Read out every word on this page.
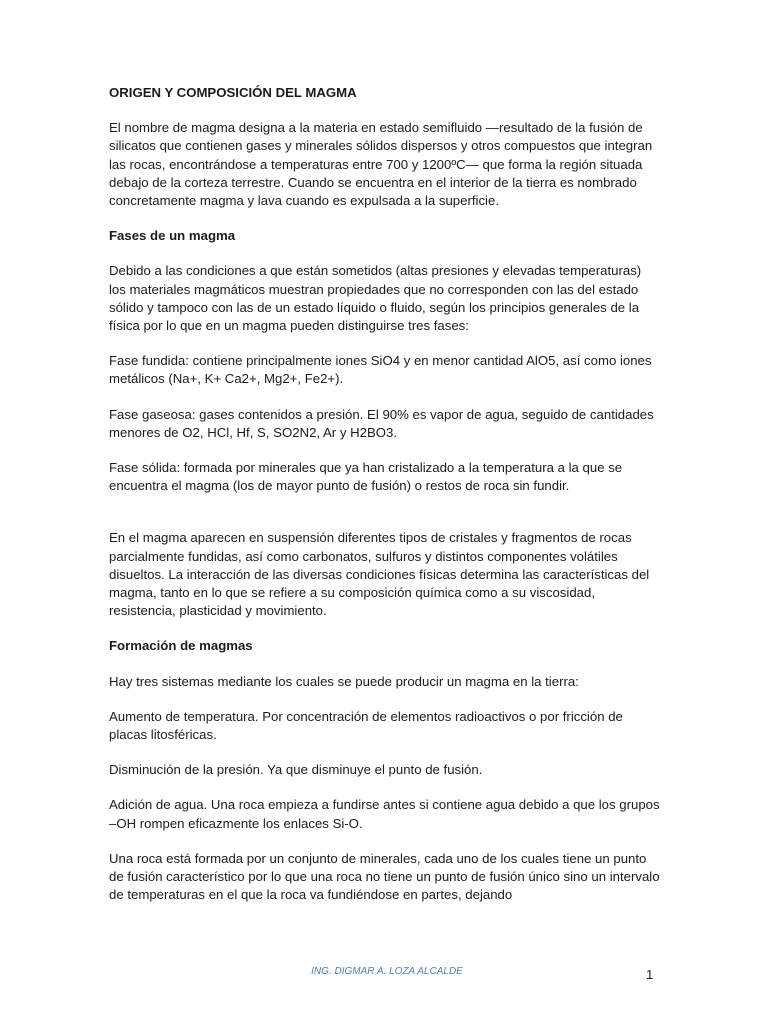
ORIGEN Y COMPOSICIÓN DEL MAGMA

El nombre de magma designa a la materia en estado semifluido —resultado de la fusión de silicatos que contienen gases y minerales sólidos dispersos y otros compuestos que integran las rocas, encontrándose a temperaturas entre 700 y 1200ºC— que forma la región situada debajo de la corteza terrestre. Cuando se encuentra en el interior de la tierra es nombrado concretamente magma y lava cuando es expulsada a la superficie.

Fases de un magma

Debido a las condiciones a que están sometidos (altas presiones y elevadas temperaturas) los materiales magmáticos muestran propiedades que no corresponden con las del estado sólido y tampoco con las de un estado líquido o fluido, según los principios generales de la física por lo que en un magma pueden distinguirse tres fases:

Fase fundida: contiene principalmente iones SiO4 y en menor cantidad AlO5, así como iones metálicos (Na+, K+ Ca2+, Mg2+, Fe2+).

Fase gaseosa: gases contenidos a presión. El 90% es vapor de agua, seguido de cantidades menores de O2, HCl, Hf, S, SO2N2, Ar y H2BO3.

Fase sólida: formada por minerales que ya han cristalizado a la temperatura a la que se encuentra el magma (los de mayor punto de fusión) o restos de roca sin fundir.

En el magma aparecen en suspensión diferentes tipos de cristales y fragmentos de rocas parcialmente fundidas, así como carbonatos, sulfuros y distintos componentes volátiles disueltos. La interacción de las diversas condiciones físicas determina las características del magma, tanto en lo que se refiere a su composición química como a su viscosidad, resistencia, plasticidad y movimiento.

Formación de magmas

Hay tres sistemas mediante los cuales se puede producir un magma en la tierra:

Aumento de temperatura. Por concentración de elementos radioactivos o por fricción de placas litosféricas.

Disminución de la presión. Ya que disminuye el punto de fusión.

Adición de agua. Una roca empieza a fundirse antes si contiene agua debido a que los grupos –OH rompen eficazmente los enlaces Si-O.

Una roca está formada por un conjunto de minerales, cada uno de los cuales tiene un punto de fusión característico por lo que una roca no tiene un punto de fusión único sino un intervalo de temperaturas en el que la roca va fundiéndose en partes, dejando

ING. DIGMAR A. LOZA ALCALDE	1
